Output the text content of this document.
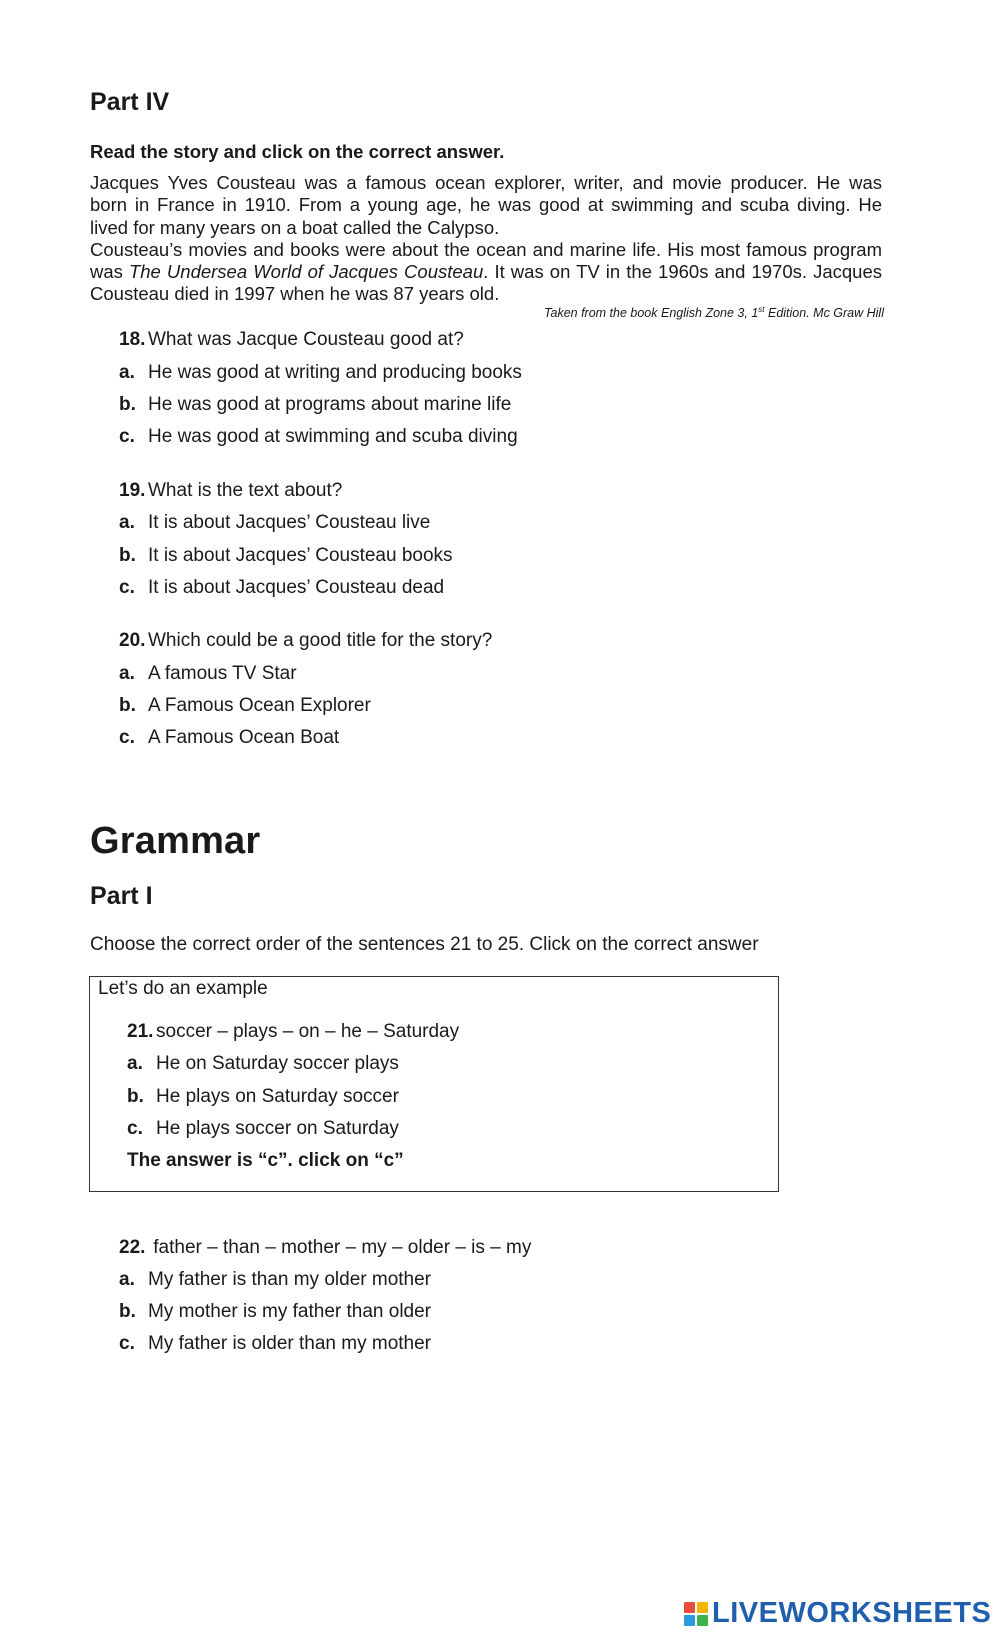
Part IV
Read the story and click on the correct answer.
Jacques Yves Cousteau was a famous ocean explorer, writer, and movie producer. He was
born in France in 1910. From a young age, he was good at swimming and scuba diving. He
lived for many years on a boat called the Calypso.
Cousteau’s movies and books were about the ocean and marine life. His most famous program
was The Undersea World of Jacques Cousteau. It was on TV in the 1960s and 1970s. Jacques
Cousteau died in 1997 when he was 87 years old.
Taken from the book English Zone 3, 1st Edition. Mc Graw Hill
18. What was Jacque Cousteau good at?
a. He was good at writing and producing books
b. He was good at programs about marine life
c. He was good at swimming and scuba diving
19. What is the text about?
a. It is about Jacques’ Cousteau live
b. It is about Jacques’ Cousteau books
c. It is about Jacques’ Cousteau dead
20. Which could be a good title for the story?
a. A famous TV Star
b. A Famous Ocean Explorer
c. A Famous Ocean Boat
Grammar
Part I
Choose the correct order of the sentences 21 to 25. Click on the correct answer
Let’s do an example
21. soccer – plays – on – he – Saturday
a. He on Saturday soccer plays
b. He plays on Saturday soccer
c. He plays soccer on Saturday
The answer is “c”. click on “c”
22. father – than – mother – my – older – is – my
a. My father is than my older mother
b. My mother is my father than older
c. My father is older than my mother
LIVEWORKSHEETS
